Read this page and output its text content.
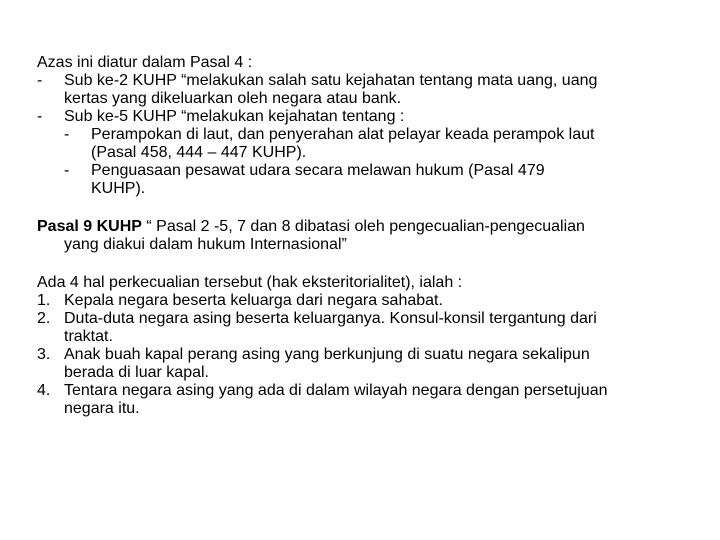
Azas ini diatur dalam Pasal 4 :
-	Sub ke-2 KUHP “melakukan salah satu kejahatan tentang mata uang, uang
kertas yang dikeluarkan oleh negara atau bank.
-	Sub ke-5 KUHP “melakukan kejahatan tentang :
-	Perampokan di laut, dan penyerahan alat pelayar keada perampok laut
(Pasal 458, 444 – 447 KUHP).
-	Penguasaan pesawat udara secara melawan hukum (Pasal 479
KUHP).
Pasal 9 KUHP “ Pasal 2 -5, 7 dan 8 dibatasi oleh pengecualian-pengecualian
yang diakui dalam hukum Internasional”
Ada 4 hal perkecualian tersebut (hak eksteritorialitet), ialah :
1. Kepala negara beserta keluarga dari negara sahabat.
2. Duta-duta negara asing beserta keluarganya. Konsul-konsil tergantung dari
traktat.
3. Anak buah kapal perang asing yang berkunjung di suatu negara sekalipun
berada di luar kapal.
4. Tentara negara asing yang ada di dalam wilayah negara dengan persetujuan
negara itu.
